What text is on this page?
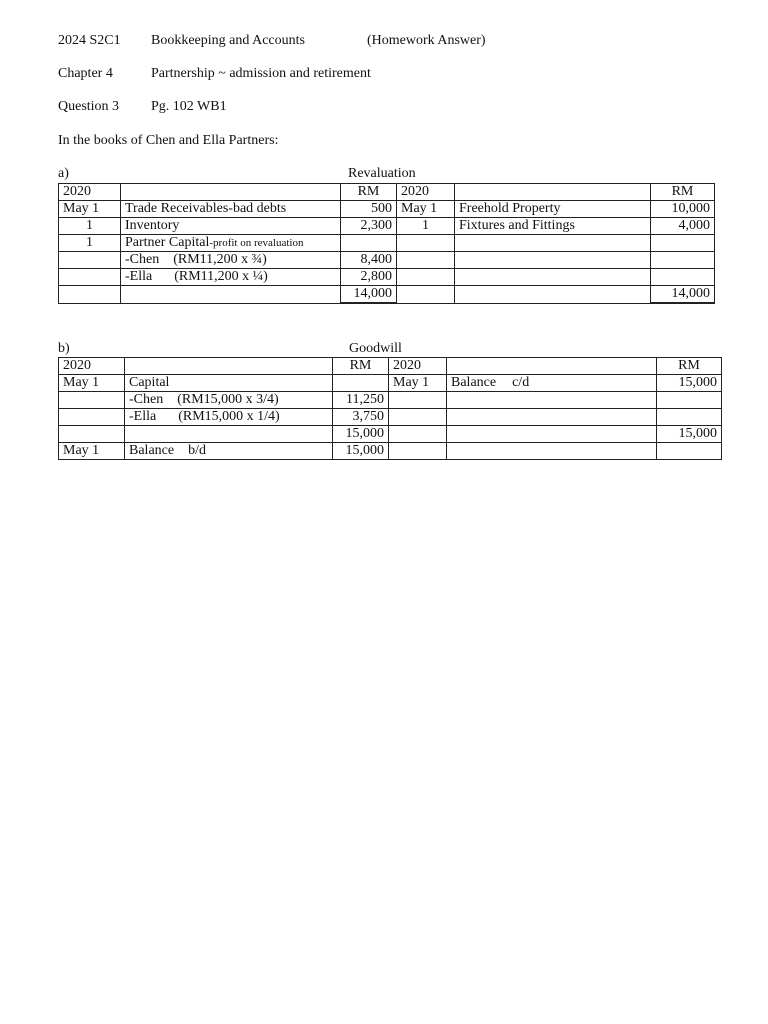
2024 S2C1 Bookkeeping and Accounts	(Homework Answer)
Chapter 4	Partnership ~ admission and retirement
Question 3 Pg. 102 WB1
In the books of Chen and Ella Partners:
a)	Revaluation
2020		RM	2020		RM
May 1	Trade Receivables-bad debts	500	May 1	Freehold Property	10,000
1	Inventory	2,300	1	Fixtures and Fittings	4,000
1	Partner Capital-profit on revaluation				
	-Chen (RM11,200 x ¾)	8,400			
	-Ella (RM11,200 x ¼)	2,800			
		14,000			14,000
b)	Goodwill
2020		RM	2020		RM
May 1	Capital		May 1	Balance c/d	15,000
	-Chen (RM15,000 x 3/4)	11,250			
	-Ella (RM15,000 x 1/4)	3,750			
		15,000			15,000
May 1	Balance b/d	15,000			
